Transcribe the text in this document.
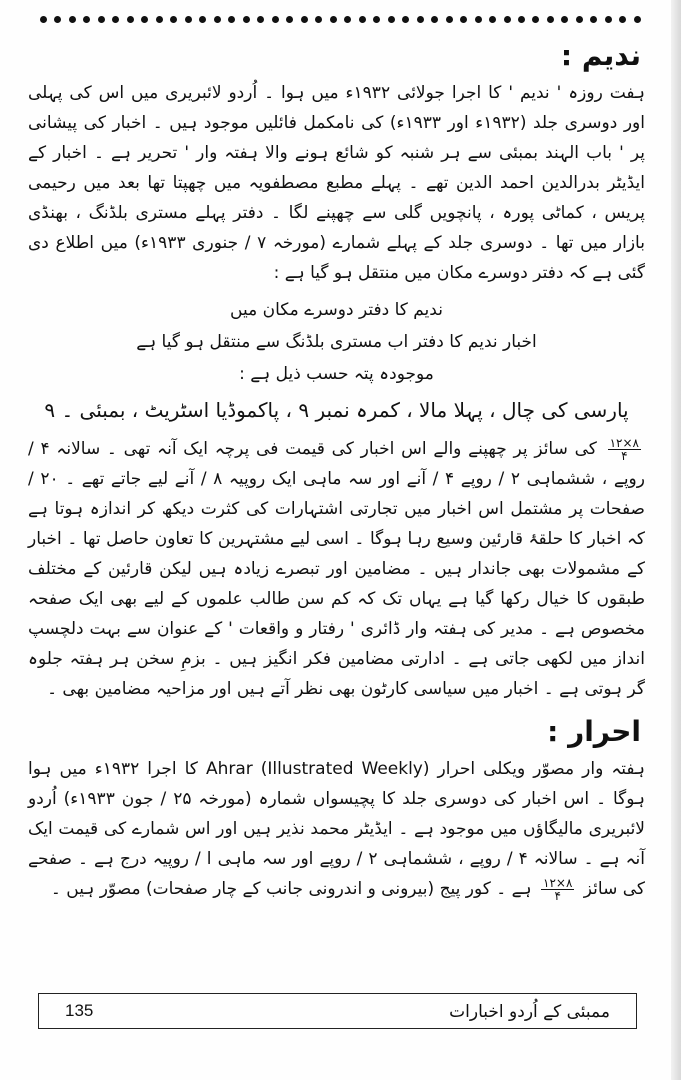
ندیم :

ہفت روزہ ' ندیم ' کا اجرا جولائی ۱۹۳۲ء میں ہوا ۔ اُردو لائبریری میں اس کی پہلی اور دوسری جلد (۱۹۳۲ء اور ۱۹۳۳ء) کی نامکمل فائلیں موجود ہیں ۔ اخبار کی پیشانی پر ' باب الہند بمبئی سے ہر شنبہ کو شائع ہونے والا ہفتہ وار ' تحریر ہے ۔ اخبار کے ایڈیٹر بدرالدین احمد الدین تھے ۔ پہلے مطبع مصطفویہ میں چھپتا تھا بعد میں رحیمی پریس ، کماٹی پورہ ، پانچویں گلی سے چھپنے لگا ۔ دفتر پہلے مستری بلڈنگ ، بھنڈی بازار میں تھا ۔ دوسری جلد کے پہلے شمارے (مورخہ ۷ / جنوری ۱۹۳۳ء) میں اطلاع دی گئی ہے کہ دفتر دوسرے مکان میں منتقل ہو گیا ہے :

ندیم کا دفتر دوسرے مکان میں
اخبار ندیم کا دفتر اب مستری بلڈنگ سے منتقل ہو گیا ہے
موجودہ پتہ حسب ذیل ہے :
پارسی کی چال ، پہلا مالا ، کمرہ نمبر ۹ ، پاکموڈیا اسٹریٹ ، بمبئی ۔ ۹

$\frac{۱۲\times ۸}{۴}$
کی سائز پر چھپنے والے اس اخبار کی قیمت فی پرچہ ایک آنہ تھی ۔ سالانہ ۴ / روپے ، ششماہی ۲ / روپے ۴ / آنے اور سہ ماہی ایک روپیہ ۸ / آنے لیے جاتے تھے ۔ ۲۰ / صفحات پر مشتمل اس اخبار میں تجارتی اشتہارات کی کثرت دیکھ کر اندازہ ہوتا ہے کہ اخبار کا حلقۂ قارئین وسیع رہا ہوگا ۔ اسی لیے مشتہرین کا تعاون حاصل تھا ۔ اخبار کے مشمولات بھی جاندار ہیں ۔ مضامین اور تبصرے زیادہ ہیں لیکن قارئین کے مختلف طبقوں کا خیال رکھا گیا ہے یہاں تک کہ کم سن طالب علموں کے لیے بھی ایک صفحہ مخصوص ہے ۔ مدیر کی ہفتہ وار ڈائری ' رفتار و واقعات ' کے عنوان سے بہت دلچسپ انداز میں لکھی جاتی ہے ۔ ادارتی مضامین فکر انگیز ہیں ۔ بزمِ سخن ہر ہفتہ جلوہ گر ہوتی ہے ۔ اخبار میں سیاسی کارٹون بھی نظر آتے ہیں اور مزاحیہ مضامین بھی ۔

احرار :

ہفتہ وار مصوّر ویکلی احرار (Ahrar (Illustrated Weekly کا اجرا ۱۹۳۲ء میں ہوا ہوگا ۔ اس اخبار کی دوسری جلد کا پچیسواں شمارہ (مورخہ ۲۵ / جون ۱۹۳۳ء) اُردو لائبریری مالیگاؤں میں موجود ہے ۔ ایڈیٹر محمد نذیر ہیں اور اس شمارے کی قیمت ایک آنہ ہے ۔ سالانہ ۴ / روپے ، ششماہی ۲ / روپے اور سہ ماہی ا / روپیہ درج ہے ۔ صفحے کی سائز
$\frac{۱۲\times ۸}{۴}$
ہے ۔ کور پیج (بیرونی و اندرونی جانب کے چار صفحات) مصوّر ہیں ۔

135	ممبئی کے اُردو اخبارات
